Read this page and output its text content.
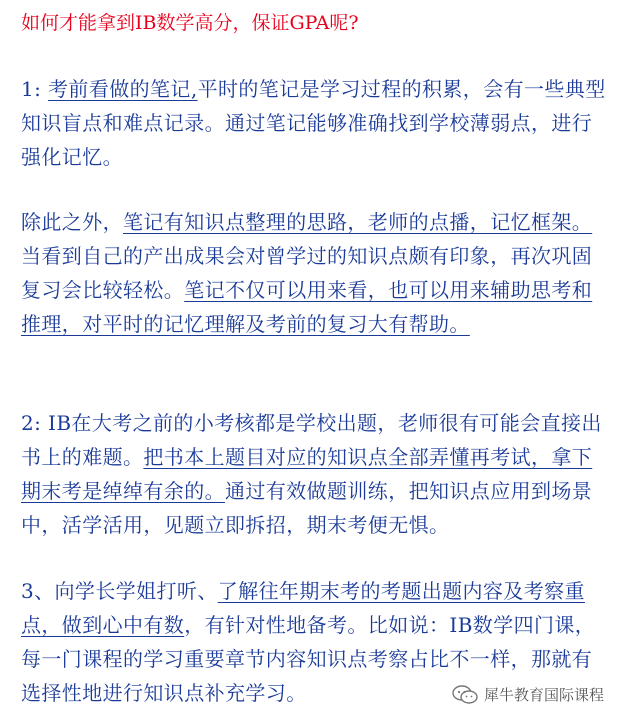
如何才能拿到IB数学高分，保证GPA呢?
1: 考前看做的笔记,平时的笔记是学习过程的积累，会有一些典型知识盲点和难点记录。通过笔记能够准确找到学校薄弱点，进行强化记忆。
除此之外，笔记有知识点整理的思路，老师的点播，记忆框架。当看到自己的产出成果会对曾学过的知识点颇有印象，再次巩固复习会比较轻松。笔记不仅可以用来看，也可以用来辅助思考和推理，对平时的记忆理解及考前的复习大有帮助。
2: IB在大考之前的小考核都是学校出题，老师很有可能会直接出书上的难题。把书本上题目对应的知识点全部弄懂再考试，拿下期末考是绰绰有余的。通过有效做题训练，把知识点应用到场景中，活学活用，见题立即拆招，期末考便无惧。
3、向学长学姐打听、了解往年期末考的考题出题内容及考察重点，做到心中有数，有针对性地备考。比如说：IB数学四门课，每一门课程的学习重要章节内容知识点考察占比不一样，那就有选择性地进行知识点补充学习。	犀牛教育国际课程
